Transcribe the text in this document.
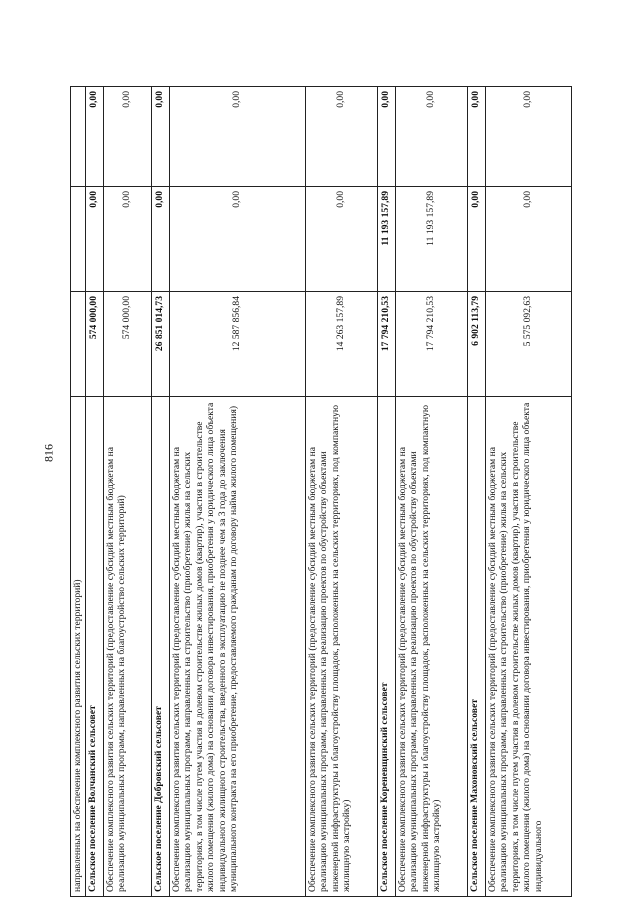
816
направленных на обеспечение комплексного развития сельских территорий)			
Сельское поселение Волчанский сельсовет	574 000,00	0,00	0,00
Обеспечение комплексного развития сельских территорий (предоставление субсидий местным бюджетам на реализацию муниципальных программ, направленных на благоустройство сельских территорий)	574 000,00	0,00	0,00
Сельское поселение Добровский сельсовет	26 851 014,73	0,00	0,00
Обеспечение комплексного развития сельских территорий (предоставление субсидий местным бюджетам на реализацию муниципальных программ, направленных на строительство (приобретение) жилья на сельских территориях, в том числе путем участия в долевом строительстве жилых домов (квартир), участия в строительстве жилого помещения (жилого дома) на основании договора инвестирования, приобретения у юридического лица объекта индивидуального жилищного строительства, введенного в эксплуатацию не позднее чем за 3 года до заключения муниципального контракта на его приобретение, предоставляемого гражданам по договору найма жилого помещения)	12 587 856,84	0,00	0,00
Обеспечение комплексного развития сельских территорий (предоставление субсидий местным бюджетам на реализацию муниципальных программ, направленных на реализацию проектов по обустройству объектами инженерной инфраструктуры и благоустройству площадок, расположенных на сельских территориях, под компактную жилищную застройку)	14 263 157,89	0,00	0,00
Сельское поселение Кореневщинский сельсовет	17 794 210,53	11 193 157,89	0,00
Обеспечение комплексного развития сельских территорий (предоставление субсидий местным бюджетам на реализацию муниципальных программ, направленных на реализацию проектов по обустройству объектами инженерной инфраструктуры и благоустройству площадок, расположенных на сельских территориях, под компактную жилищную застройку)	17 794 210,53	11 193 157,89	0,00
Сельское поселение Махоновский сельсовет	6 902 113,79	0,00	0,00
Обеспечение комплексного развития сельских территорий (предоставление субсидий местным бюджетам на реализацию муниципальных программ, направленных на строительство (приобретение) жилья на сельских территориях, в том числе путем участия в долевом строительстве жилых домов (квартир), участия в строительстве жилого помещения (жилого дома) на основании договора инвестирования, приобретения у юридического лица объекта индивидуального	5 575 092,63	0,00	0,00
